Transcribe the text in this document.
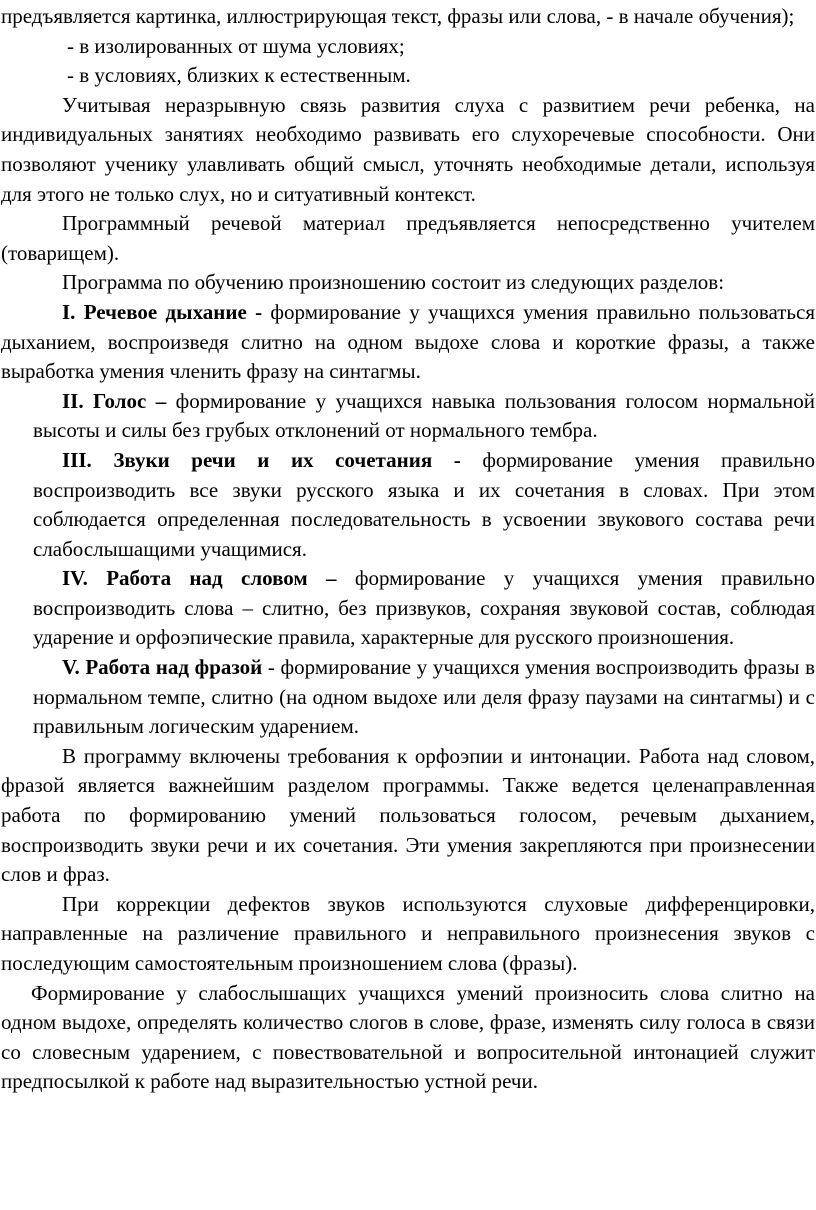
предъявляется картинка, иллюстрирующая текст, фразы или слова, - в начале обучения);

- в изолированных от шума условиях;

- в условиях, близких к естественным.

Учитывая неразрывную связь развития слуха с развитием речи ребенка, на индивидуальных занятиях необходимо развивать его слухоречевые способности. Они позволяют ученику улавливать общий смысл, уточнять необходимые детали, используя для этого не только слух, но и ситуативный контекст.

Программный речевой материал предъявляется непосредственно учителем (товарищем).

Программа по обучению произношению состоит из следующих разделов:

I. Речевое дыхание - формирование у учащихся умения правильно пользоваться дыханием, воспроизведя слитно на одном выдохе слова и короткие фразы, а также выработка умения членить фразу на синтагмы.

II. Голос – формирование у учащихся навыка пользования голосом нормальной высоты и силы без грубых отклонений от нормального тембра.

III. Звуки речи и их сочетания - формирование умения правильно воспроизводить все звуки русского языка и их сочетания в словах. При этом соблюдается определенная последовательность в усвоении звукового состава речи слабослышащими учащимися.

IV. Работа над словом – формирование у учащихся умения правильно воспроизводить слова – слитно, без призвуков, сохраняя звуковой состав, соблюдая ударение и орфоэпические правила, характерные для русского произношения.

V. Работа над фразой - формирование у учащихся умения воспроизводить фразы в нормальном темпе, слитно (на одном выдохе или деля фразу паузами на синтагмы) и с правильным логическим ударением.

В программу включены требования к орфоэпии и интонации. Работа над словом, фразой является важнейшим разделом программы. Также ведется целенаправленная работа по формированию умений пользоваться голосом, речевым дыханием, воспроизводить звуки речи и их сочетания. Эти умения закрепляются при произнесении слов и фраз.

При коррекции дефектов звуков используются слуховые дифференцировки, направленные на различение правильного и неправильного произнесения звуков с последующим самостоятельным произношением слова (фразы).

Формирование у слабослышащих учащихся умений произносить слова слитно на одном выдохе, определять количество слогов в слове, фразе, изменять силу голоса в связи со словесным ударением, с повествовательной и вопросительной интонацией служит предпосылкой к работе над выразительностью устной речи.
